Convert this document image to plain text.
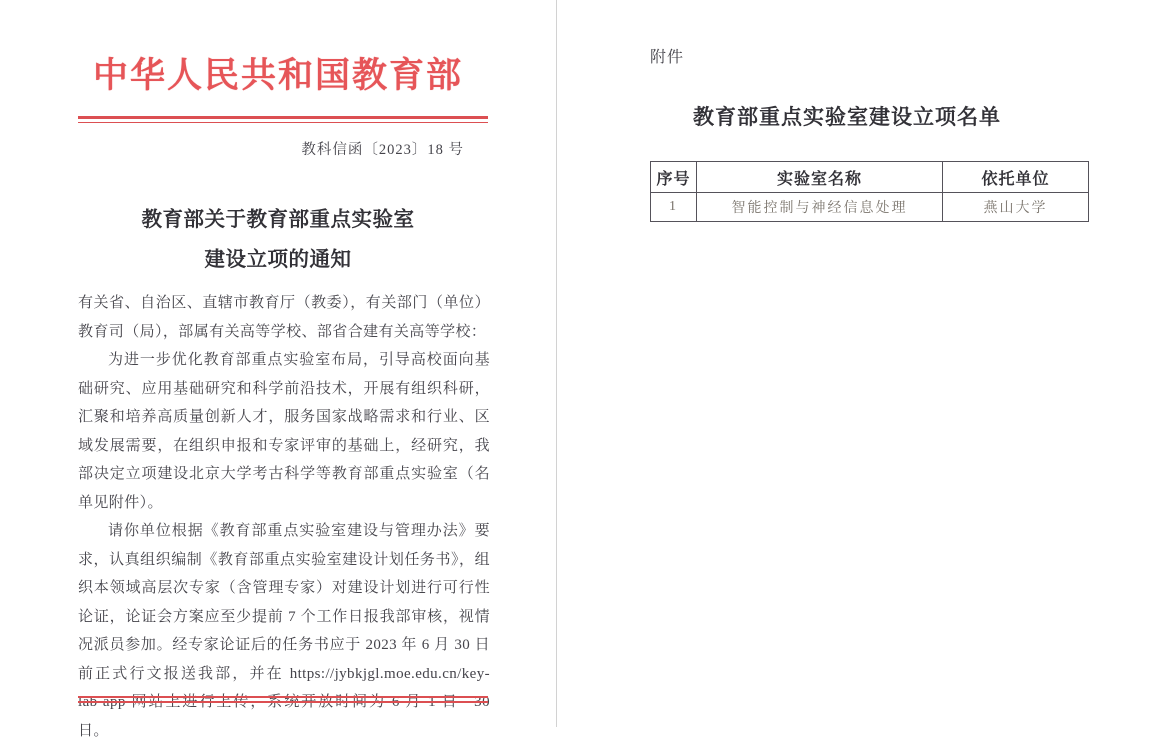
中华人民共和国教育部
教科信函〔2023〕18 号
教育部关于教育部重点实验室
建设立项的通知

有关省、自治区、直辖市教育厅（教委），有关部门（单位）教育司（局），部属有关高等学校、部省合建有关高等学校：

为进一步优化教育部重点实验室布局，引导高校面向基础研究、应用基础研究和科学前沿技术，开展有组织科研，汇聚和培养高质量创新人才，服务国家战略需求和行业、区域发展需要，在组织申报和专家评审的基础上，经研究，我部决定立项建设北京大学考古科学等教育部重点实验室（名单见附件）。

请你单位根据《教育部重点实验室建设与管理办法》要求，认真组织编制《教育部重点实验室建设计划任务书》，组织本领域高层次专家（含管理专家）对建设计划进行可行性论证，论证会方案应至少提前 7 个工作日报我部审核，视情况派员参加。经专家论证后的任务书应于 2023 年 6 月 30 日前正式行文报送我部，并在 https://jybkjgl.moe.edu.cn/key-lab-app 网站上进行上传，系统开放时间为 6 月 1 日—30 日。

附件
教育部重点实验室建设立项名单
序号	实验室名称	依托单位
1	智能控制与神经信息处理	燕山大学
